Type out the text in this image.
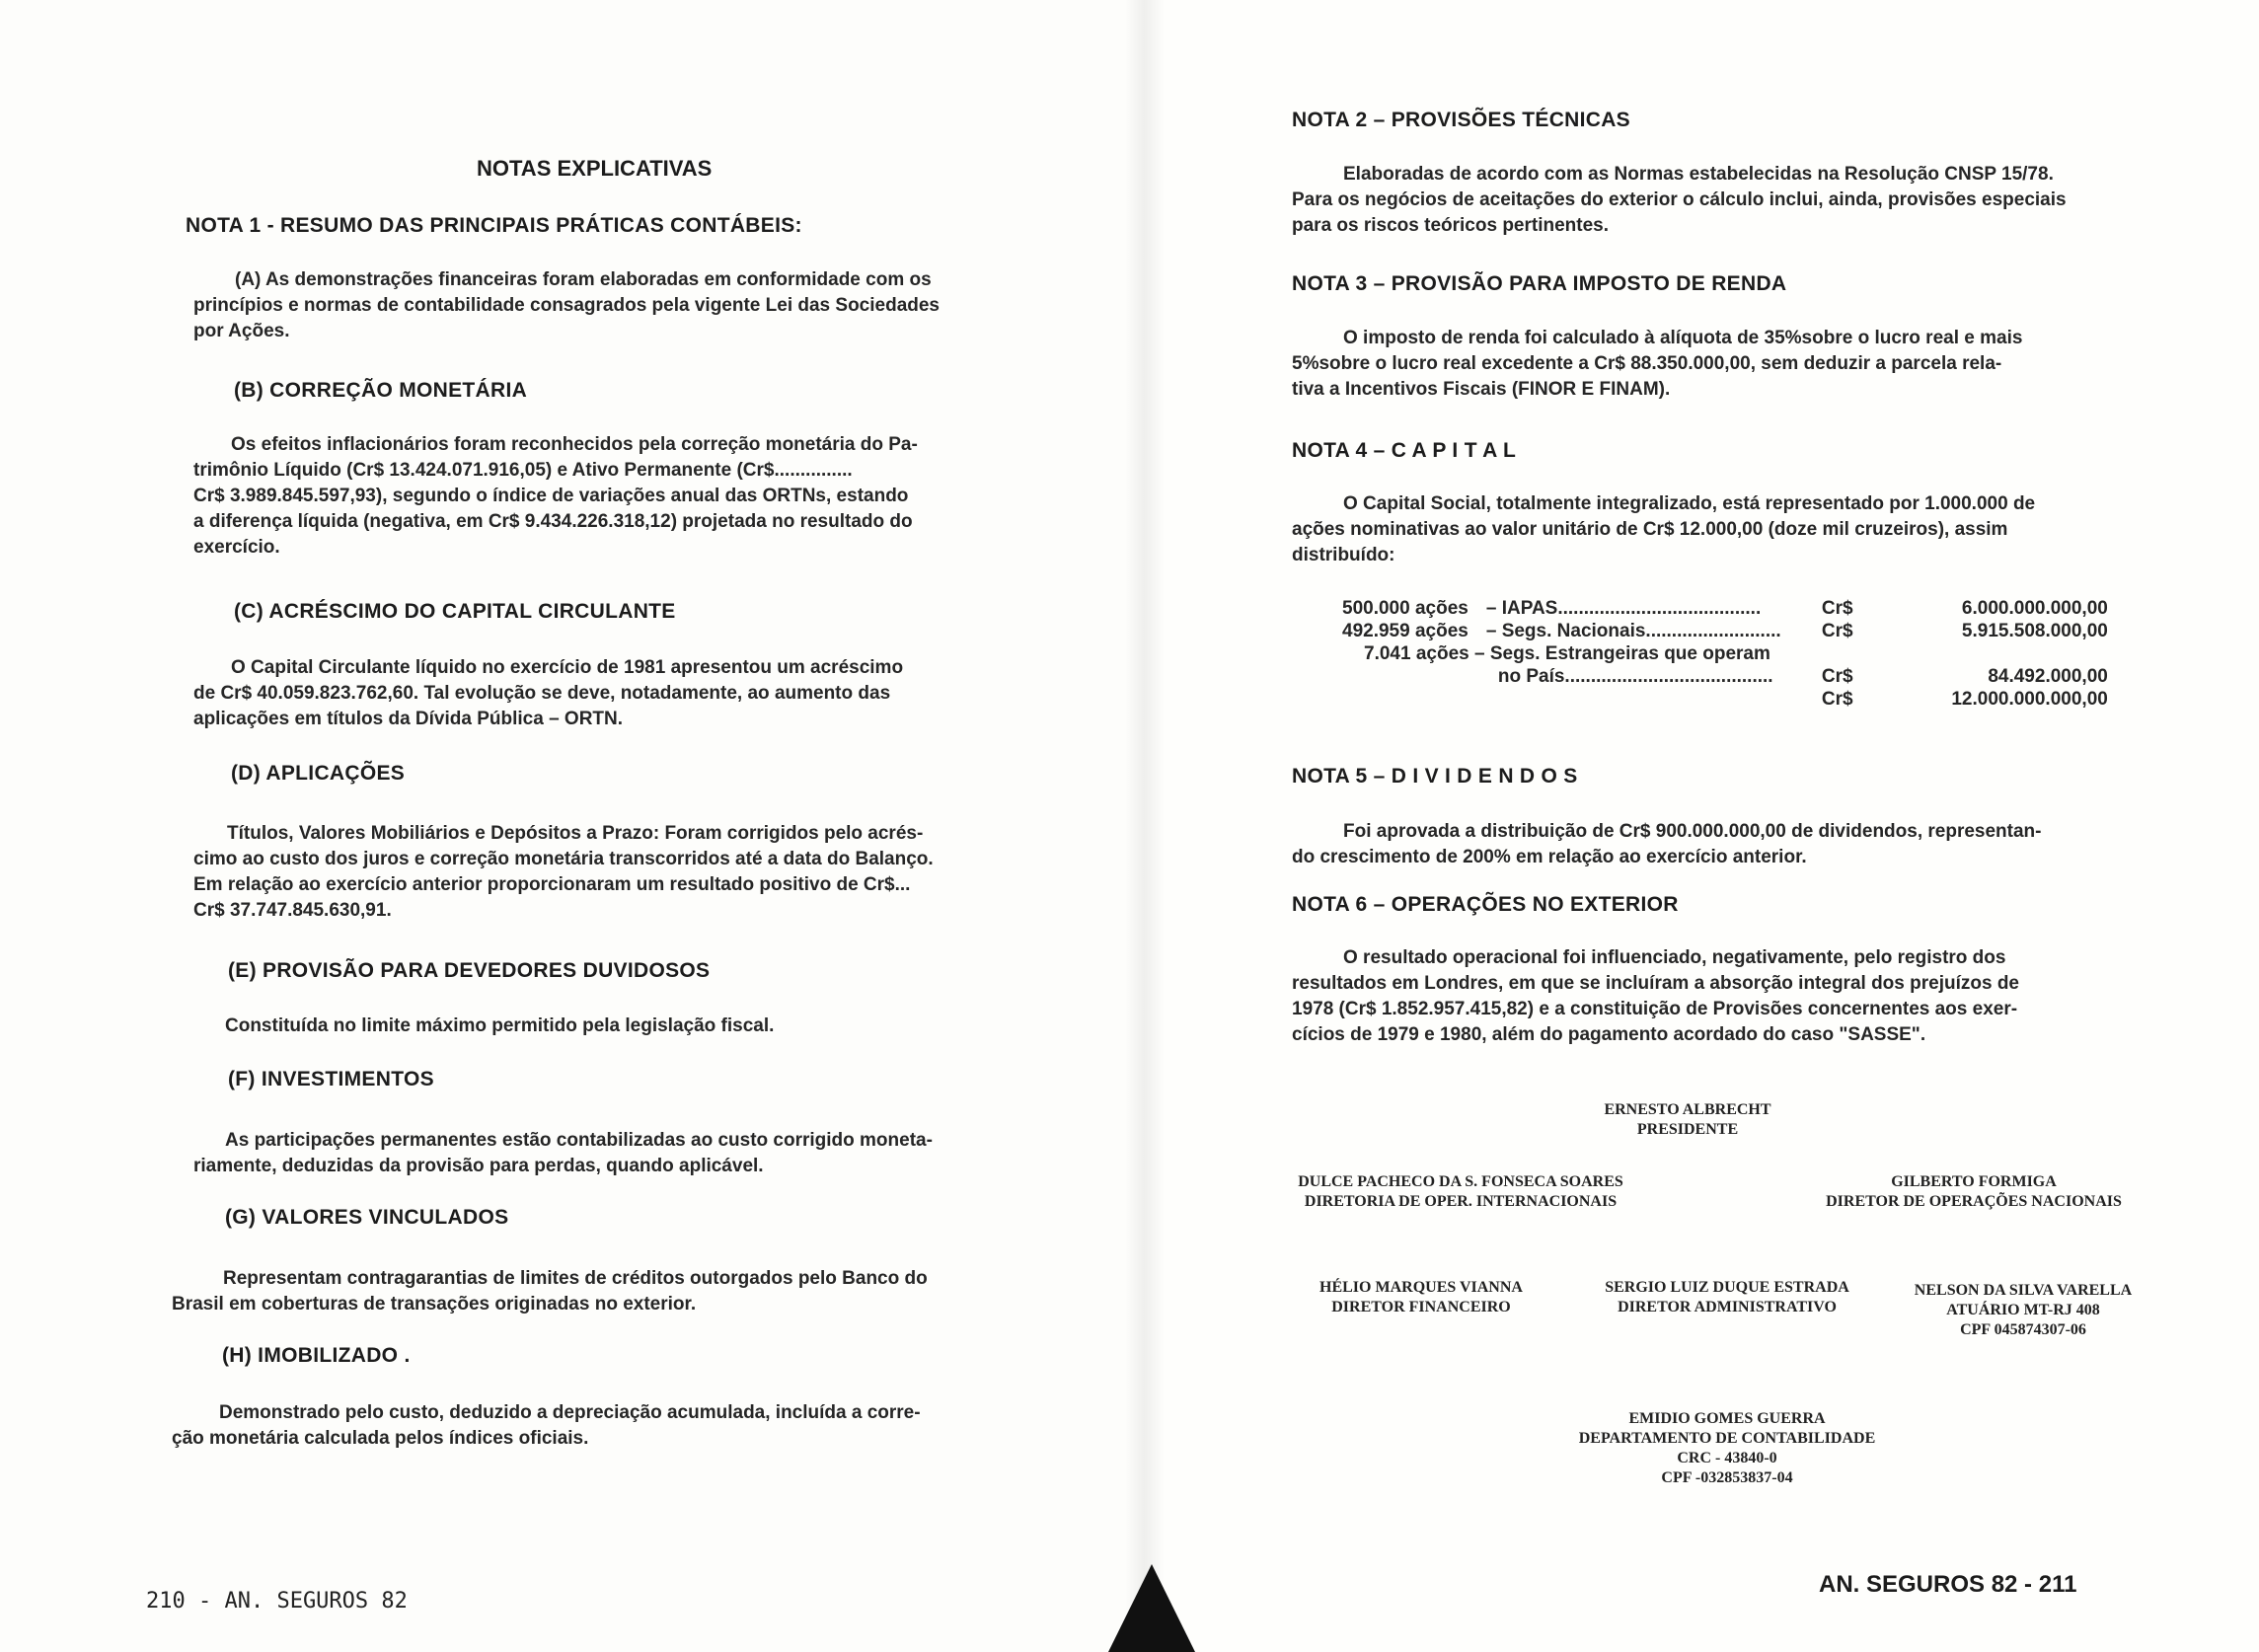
NOTAS EXPLICATIVAS
NOTA 1 - RESUMO DAS PRINCIPAIS PRÁTICAS CONTÁBEIS:
(A) As demonstrações financeiras foram elaboradas em conformidade com os
princípios e normas de contabilidade consagrados pela vigente Lei das Sociedades
por Ações.
(B) CORREÇÃO MONETÁRIA
Os efeitos inflacionários foram reconhecidos pela correção monetária do Pa-
trimônio Líquido (Cr$ 13.424.071.916,05) e Ativo Permanente (Cr$...............
Cr$ 3.989.845.597,93), segundo o índice de variações anual das ORTNs, estando
a diferença líquida (negativa, em Cr$ 9.434.226.318,12) projetada no resultado do
exercício.
(C) ACRÉSCIMO DO CAPITAL CIRCULANTE
O Capital Circulante líquido no exercício de 1981 apresentou um acréscimo
de Cr$ 40.059.823.762,60. Tal evolução se deve, notadamente, ao aumento das
aplicações em títulos da Dívida Pública – ORTN.
(D) APLICAÇÕES
Títulos, Valores Mobiliários e Depósitos a Prazo: Foram corrigidos pelo acrés-
cimo ao custo dos juros e correção monetária transcorridos até a data do Balanço.
Em relação ao exercício anterior proporcionaram um resultado positivo de Cr$...
Cr$ 37.747.845.630,91.
(E) PROVISÃO PARA DEVEDORES DUVIDOSOS
Constituída no limite máximo permitido pela legislação fiscal.
(F) INVESTIMENTOS
As participações permanentes estão contabilizadas ao custo corrigido moneta-
riamente, deduzidas da provisão para perdas, quando aplicável.
(G) VALORES VINCULADOS
Representam contragarantias de limites de créditos outorgados pelo Banco do
Brasil em coberturas de transações originadas no exterior.
(H) IMOBILIZADO .
Demonstrado pelo custo, deduzido a depreciação acumulada, incluída a corre-
ção monetária calculada pelos índices oficiais.
210 - AN. SEGUROS 82
NOTA 2 – PROVISÕES TÉCNICAS
Elaboradas de acordo com as Normas estabelecidas na Resolução CNSP 15/78.
Para os negócios de aceitações do exterior o cálculo inclui, ainda, provisões especiais
para os riscos teóricos pertinentes.
NOTA 3 – PROVISÃO PARA IMPOSTO DE RENDA
O imposto de renda foi calculado à alíquota de 35%sobre o lucro real e mais
5%sobre o lucro real excedente a Cr$ 88.350.000,00, sem deduzir a parcela rela-
tiva a Incentivos Fiscais (FINOR E FINAM).
NOTA 4 – C A P I T A L
O Capital Social, totalmente integralizado, está representado por 1.000.000 de
ações nominativas ao valor unitário de Cr$ 12.000,00 (doze mil cruzeiros), assim
distribuído:
500.000 ações	– IAPAS.......................................	Cr$	6.000.000.000,00
492.959 ações	– Segs. Nacionais..........................	Cr$	5.915.508.000,00
7.041 ações – Segs. Estrangeiras que operam			
	no País........................................	Cr$	84.492.000,00
		Cr$	12.000.000.000,00
NOTA 5 – D I V I D E N D O S
Foi aprovada a distribuição de Cr$ 900.000.000,00 de dividendos, representan-
do crescimento de 200% em relação ao exercício anterior.
NOTA 6 – OPERAÇÕES NO EXTERIOR
O resultado operacional foi influenciado, negativamente, pelo registro dos
resultados em Londres, em que se incluíram a absorção integral dos prejuízos de
1978 (Cr$ 1.852.957.415,82) e a constituição de Provisões concernentes aos exer-
cícios de 1979 e 1980, além do pagamento acordado do caso "SASSE".
ERNESTO ALBRECHT
PRESIDENTE
DULCE PACHECO DA S. FONSECA SOARES
DIRETORIA DE OPER. INTERNACIONAIS
GILBERTO FORMIGA
DIRETOR DE OPERAÇÕES NACIONAIS
HÉLIO MARQUES VIANNA
DIRETOR FINANCEIRO
SERGIO LUIZ DUQUE ESTRADA
DIRETOR ADMINISTRATIVO
NELSON DA SILVA VARELLA
ATUÁRIO MT-RJ 408
CPF 045874307-06
EMIDIO GOMES GUERRA
DEPARTAMENTO DE CONTABILIDADE
CRC - 43840-0
CPF -032853837-04
AN. SEGUROS 82 - 211
